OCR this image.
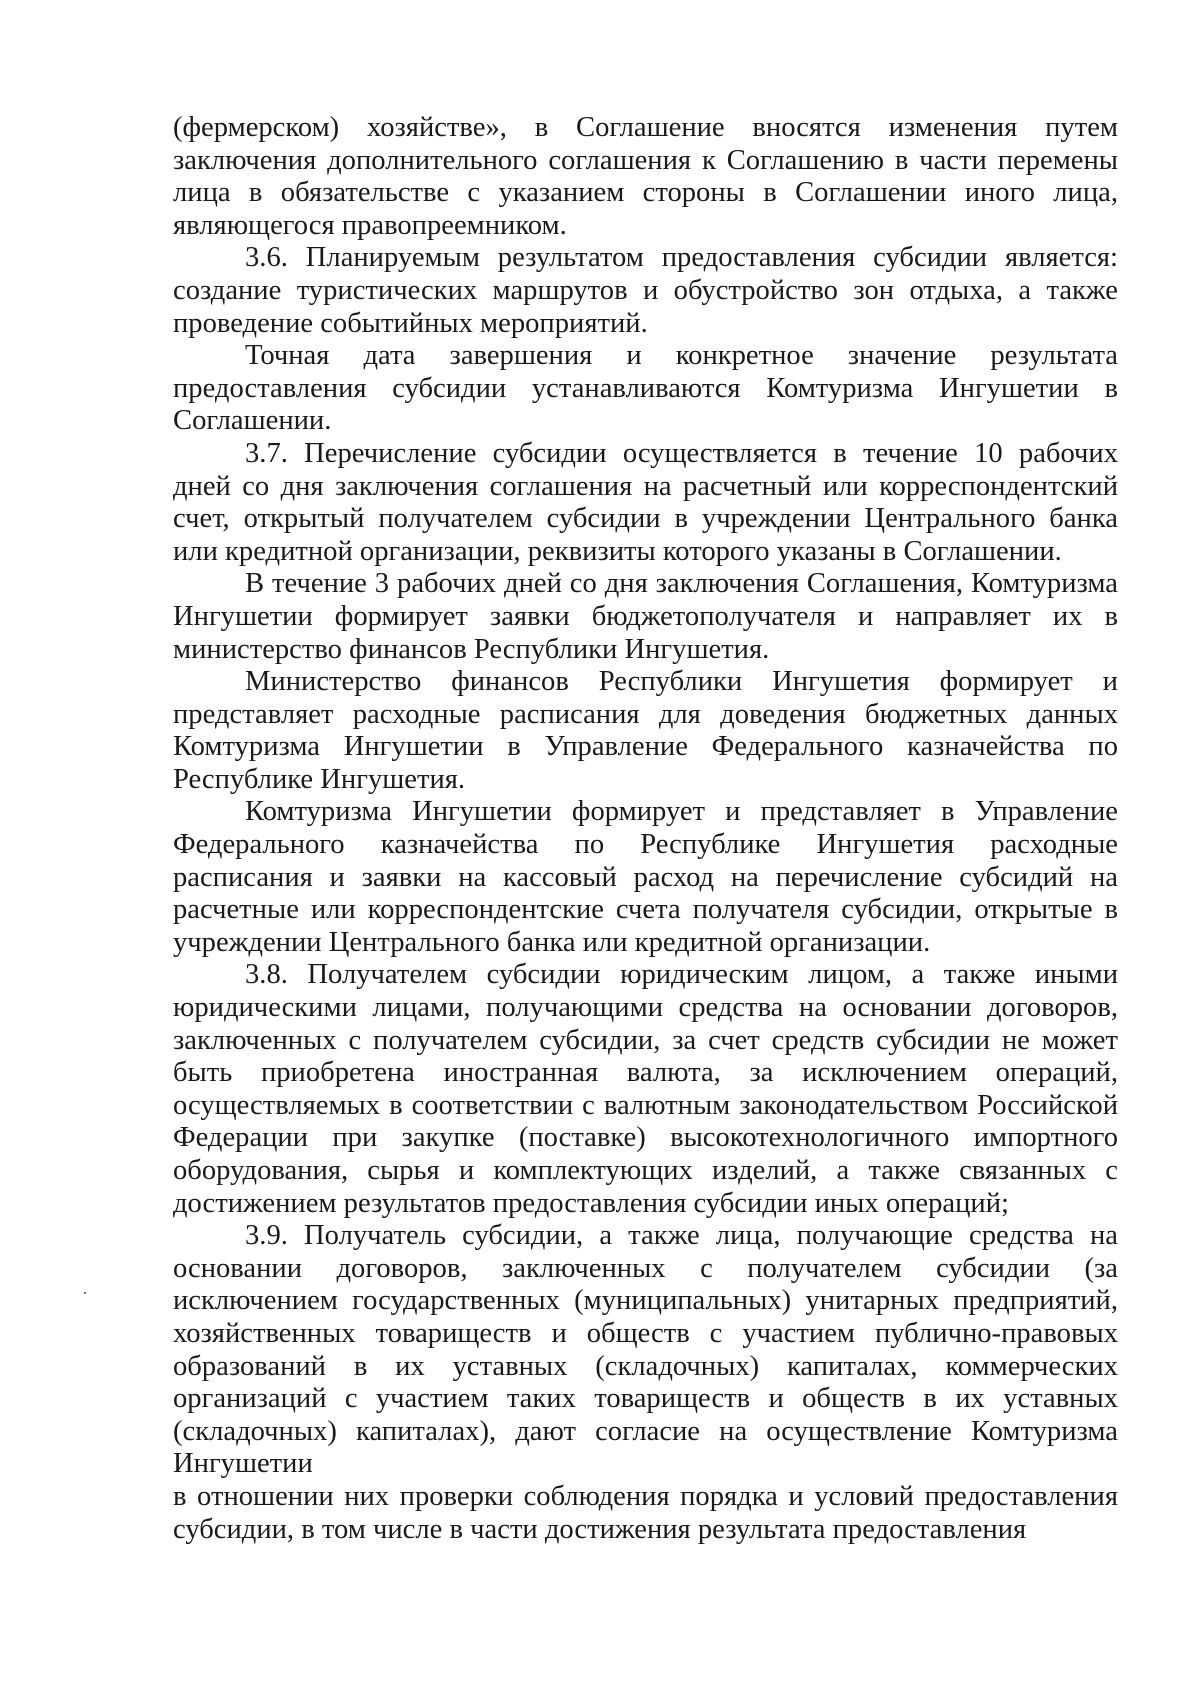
(фермерском) хозяйстве», в Соглашение вносятся изменения путем заключения дополнительного соглашения к Соглашению в части перемены лица в обязательстве с указанием стороны в Соглашении иного лица, являющегося правопреемником.

3.6. Планируемым результатом предоставления субсидии является: создание туристических маршрутов и обустройство зон отдыха, а также проведение событийных мероприятий.

Точная дата завершения и конкретное значение результата предоставления субсидии устанавливаются Комтуризма Ингушетии в Соглашении.

3.7. Перечисление субсидии осуществляется в течение 10 рабочих дней со дня заключения соглашения на расчетный или корреспондентский счет, открытый получателем субсидии в учреждении Центрального банка или кредитной организации, реквизиты которого указаны в Соглашении.

В течение 3 рабочих дней со дня заключения Соглашения, Комтуризма Ингушетии формирует заявки бюджетополучателя и направляет их в министерство финансов Республики Ингушетия.

Министерство финансов Республики Ингушетия формирует и представляет расходные расписания для доведения бюджетных данных Комтуризма Ингушетии в Управление Федерального казначейства по Республике Ингушетия.

Комтуризма Ингушетии формирует и представляет в Управление Федерального казначейства по Республике Ингушетия расходные расписания и заявки на кассовый расход на перечисление субсидий на расчетные или корреспондентские счета получателя субсидии, открытые в учреждении Центрального банка или кредитной организации.

3.8. Получателем субсидии юридическим лицом, а также иными юридическими лицами, получающими средства на основании договоров, заключенных с получателем субсидии, за счет средств субсидии не может быть приобретена иностранная валюта, за исключением операций, осуществляемых в соответствии с валютным законодательством Российской Федерации при закупке (поставке) высокотехнологичного импортного оборудования, сырья и комплектующих изделий, а также связанных с достижением результатов предоставления субсидии иных операций;

3.9. Получатель субсидии, а также лица, получающие средства на основании договоров, заключенных с получателем субсидии (за исключением государственных (муниципальных) унитарных предприятий, хозяйственных товариществ и обществ с участием публично-правовых образований в их уставных (складочных) капиталах, коммерческих организаций с участием таких товариществ и обществ в их уставных (складочных) капиталах), дают согласие на осуществление Комтуризма Ингушетии

в отношении них проверки соблюдения порядка и условий предоставления субсидии, в том числе в части достижения результата предоставления
